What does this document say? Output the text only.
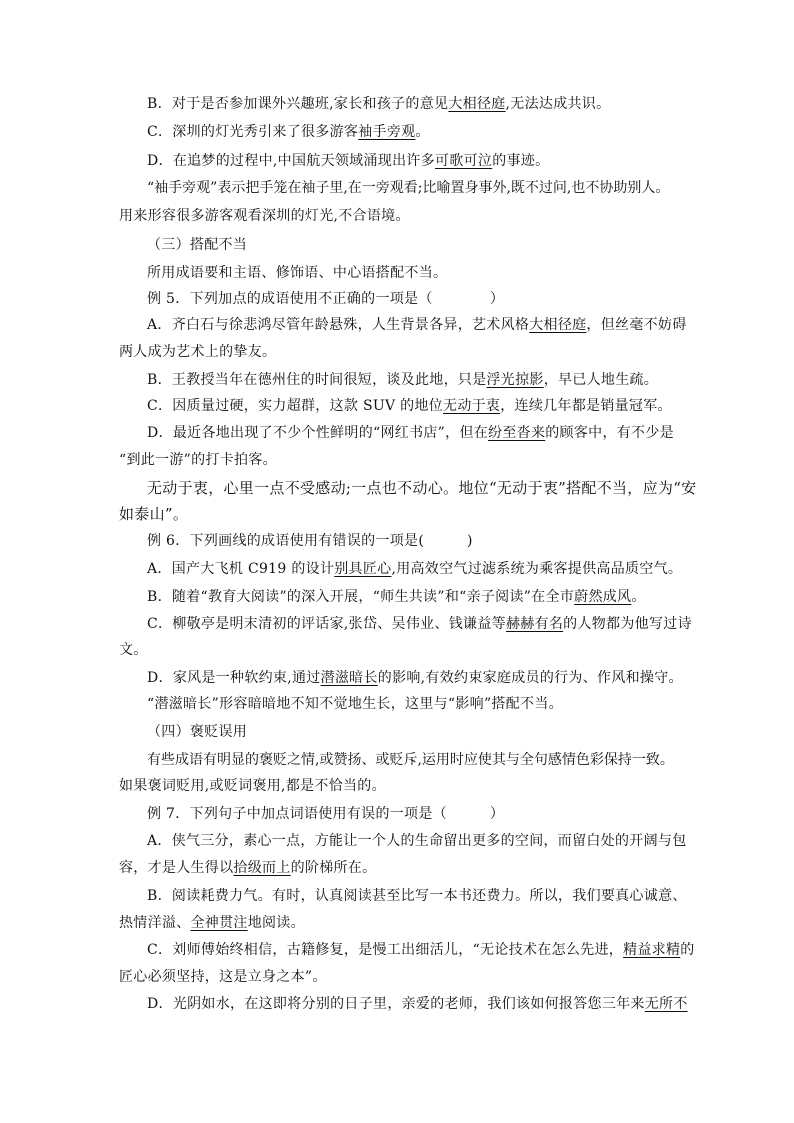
B．对于是否参加课外兴趣班,家长和孩子的意见大相径庭,无法达成共识。
C．深圳的灯光秀引来了很多游客袖手旁观。
D．在追梦的过程中,中国航天领域涌现出许多可歌可泣的事迹。
“袖手旁观”表示把手笼在袖子里,在一旁观看;比喻置身事外,既不过问,也不协助别人。
用来形容很多游客观看深圳的灯光,不合语境。
（三）搭配不当
所用成语要和主语、修饰语、中心语搭配不当。
例 5．下列加点的成语使用不正确的一项是（　　　　）
A．齐白石与徐悲鸿尽管年龄悬殊，人生背景各异，艺术风格大相径庭，但丝毫不妨碍
两人成为艺术上的挚友。
B．王教授当年在德州住的时间很短，谈及此地，只是浮光掠影，早已人地生疏。
C．因质量过硬，实力超群，这款 SUV 的地位无动于衷，连续几年都是销量冠军。
D．最近各地出现了不少个性鲜明的“网红书店”，但在纷至沓来的顾客中，有不少是
“到此一游”的打卡拍客。
无动于衷，心里一点不受感动;一点也不动心。地位“无动于衷”搭配不当，应为“安
如泰山”。
例 6．下列画线的成语使用有错误的一项是(　　　)
A．国产大飞机 C919 的设计别具匠心,用高效空气过滤系统为乘客提供高品质空气。
B．随着“教育大阅读”的深入开展，“师生共读”和“亲子阅读”在全市蔚然成风。
C．柳敬亭是明末清初的评话家,张岱、吴伟业、钱谦益等赫赫有名的人物都为他写过诗
文。
D．家风是一种软约束,通过潜滋暗长的影响,有效约束家庭成员的行为、作风和操守。
“潜滋暗长”形容暗暗地不知不觉地生长，这里与“影响”搭配不当。
（四）褒贬误用
有些成语有明显的褒贬之情,或赞扬、或贬斥,运用时应使其与全句感情色彩保持一致。
如果褒词贬用,或贬词褒用,都是不恰当的。
例 7．下列句子中加点词语使用有误的一项是（　　　）
A．侠气三分，素心一点，方能让一个人的生命留出更多的空间，而留白处的开阔与包
容，才是人生得以拾级而上的阶梯所在。
B．阅读耗费力气。有时，认真阅读甚至比写一本书还费力。所以，我们要真心诚意、
热情洋溢、全神贯注地阅读。
C．刘师傅始终相信，古籍修复，是慢工出细活儿，“无论技术在怎么先进，精益求精的
匠心必须坚持，这是立身之本”。
D．光阴如水，在这即将分别的日子里，亲爱的老师，我们该如何报答您三年来无所不
